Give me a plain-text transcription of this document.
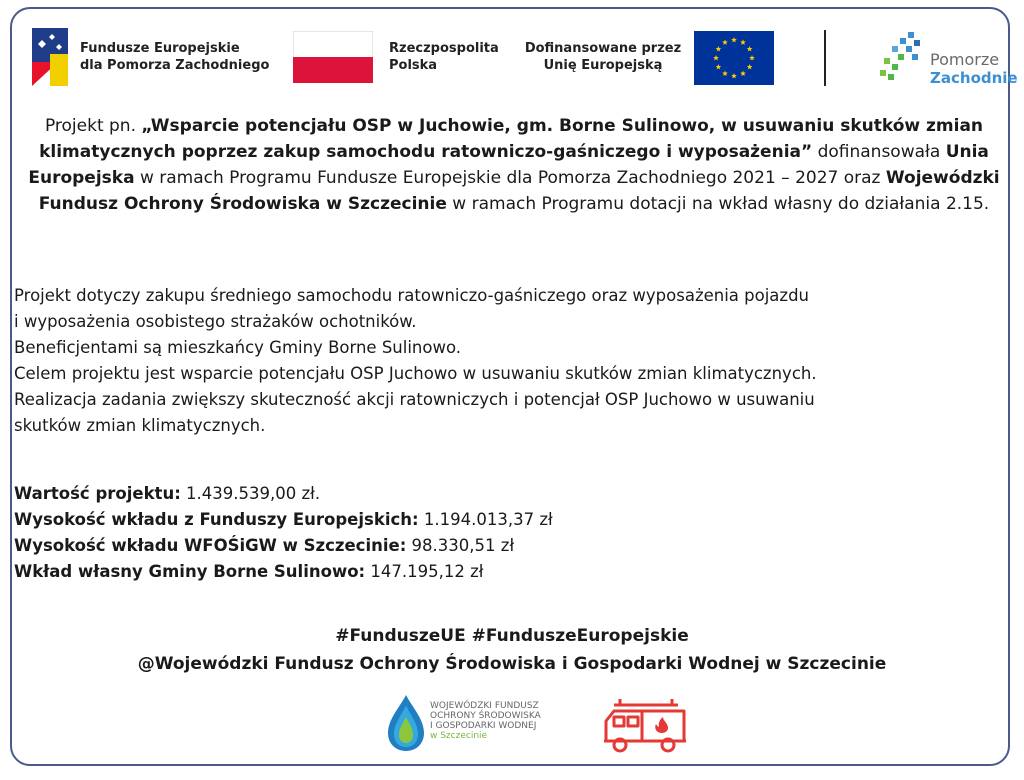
Fundusze Europejskie
dla Pomorza Zachodniego
Rzeczpospolita
Polska
Dofinansowane przez
Unię Europejską	Pomorze
Zachodnie
Projekt pn. „Wsparcie potencjału OSP w Juchowie, gm. Borne Sulinowo, w usuwaniu skutków zmian klimatycznych poprzez zakup samochodu ratowniczo-gaśniczego i wyposażenia” dofinansowała Unia Europejska w ramach Programu Fundusze Europejskie dla Pomorza Zachodniego 2021 – 2027 oraz Wojewódzki Fundusz Ochrony Środowiska w Szczecinie w ramach Programu dotacji na wkład własny do działania 2.15.

Projekt dotyczy zakupu średniego samochodu ratowniczo-gaśniczego oraz wyposażenia pojazdu

i wyposażenia osobistego strażaków ochotników.

Beneficjentami są mieszkańcy Gminy Borne Sulinowo.

Celem projektu jest wsparcie potencjału OSP Juchowo w usuwaniu skutków zmian klimatycznych.

Realizacja zadania zwiększy skuteczność akcji ratowniczych i potencjał OSP Juchowo w usuwaniu

skutków zmian klimatycznych.

Wartość projektu: 1.439.539,00 zł.

Wysokość wkładu z Funduszy Europejskich: 1.194.013,37 zł

Wysokość wkładu WFOŚiGW w Szczecinie: 98.330,51 zł

Wkład własny Gminy Borne Sulinowo: 147.195,12 zł

#FunduszeUE #FunduszeEuropejskie

@Wojewódzki Fundusz Ochrony Środowiska i Gospodarki Wodnej w Szczecinie

WOJEWÓDZKI FUNDUSZ
OCHRONY ŚRODOWISKA
I GOSPODARKI WODNEJ
w Szczecinie
